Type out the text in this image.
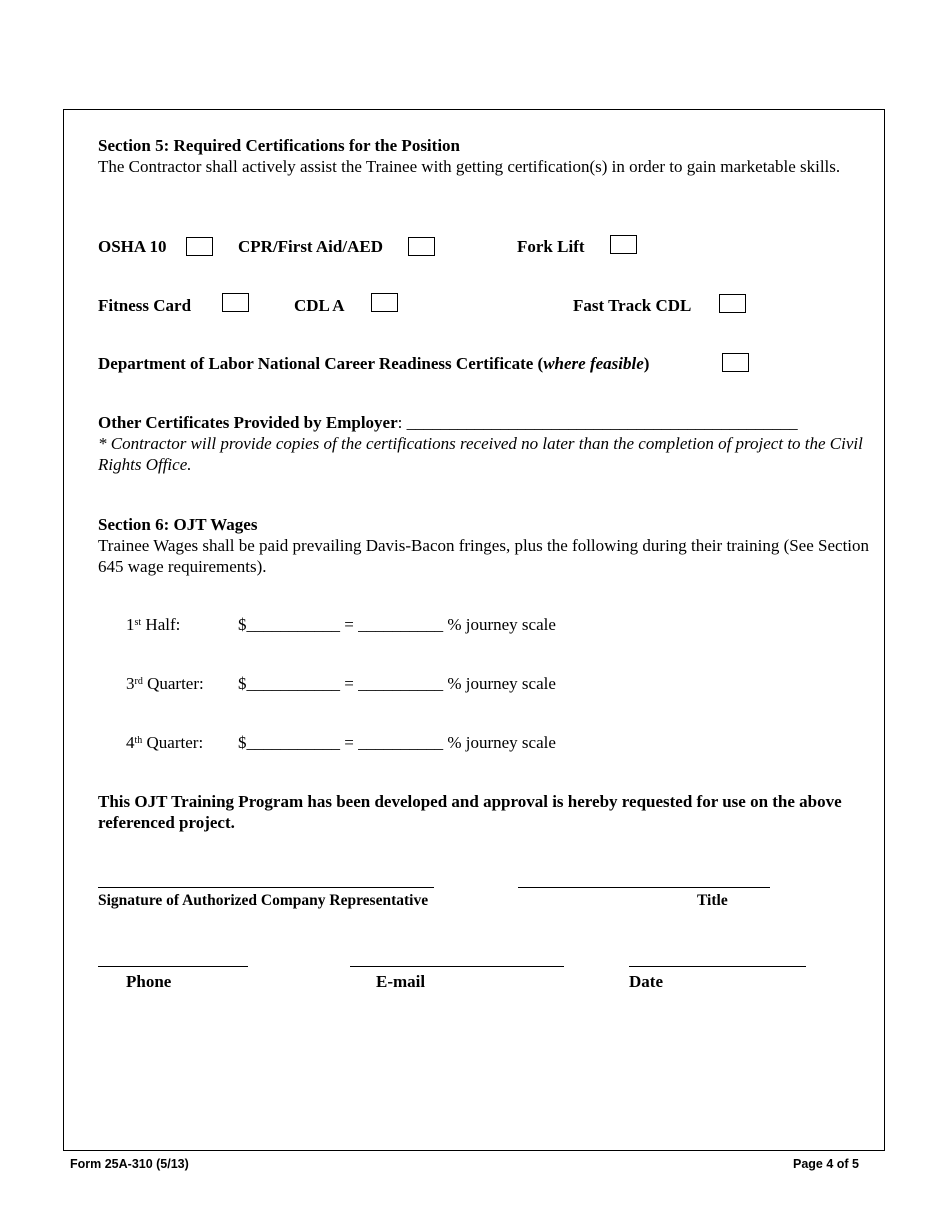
Section 5: Required Certifications for the Position
The Contractor shall actively assist the Trainee with getting certification(s) in order to gain marketable skills.
OSHA 10	CPR/First Aid/AED	Fork Lift
Fitness Card	CDL A	Fast Track CDL
Department of Labor National Career Readiness Certificate (where feasible)
Other Certificates Provided by Employer: ______________________________________________
* Contractor will provide copies of the certifications received no later than the completion of project to the Civil Rights Office.
Section 6: OJT Wages
Trainee Wages shall be paid prevailing Davis-Bacon fringes, plus the following during their training (See Section 645 wage requirements).
1st Half:	$___________ = __________ % journey scale
3rd Quarter: $___________ = __________ % journey scale
4th Quarter: $___________ = __________ % journey scale
This OJT Training Program has been developed and approval is hereby requested for use on the above referenced project.
Signature of Authorized Company Representative	Title
Phone	E-mail	Date
Form 25A-310 (5/13)	Page 4 of 5
